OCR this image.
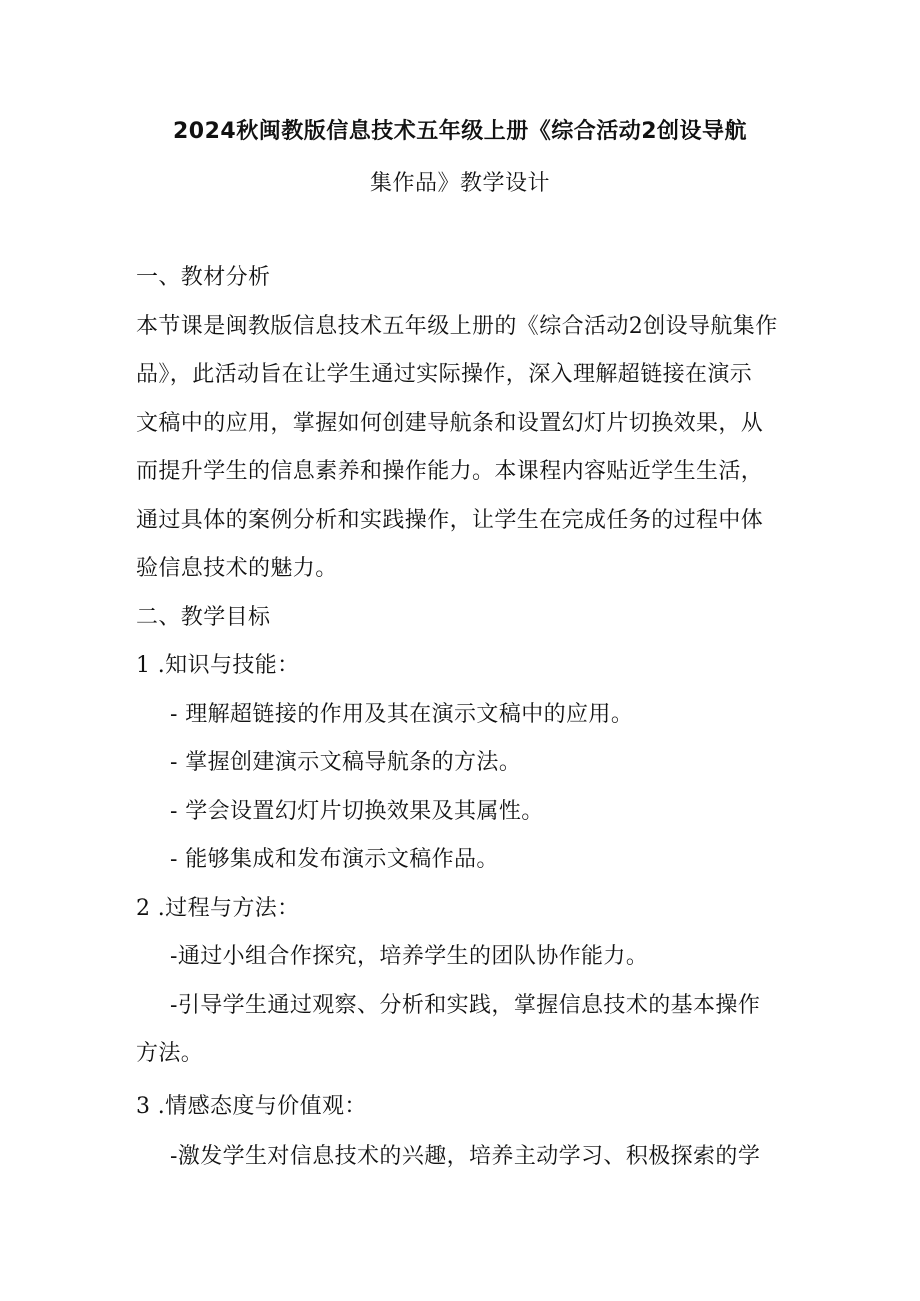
2024秋闽教版信息技术五年级上册《综合活动2创设导航
集作品》教学设计
一、教材分析
本节课是闽教版信息技术五年级上册的《综合活动2创设导航集作
品》，此活动旨在让学生通过实际操作，深入理解超链接在演示
文稿中的应用，掌握如何创建导航条和设置幻灯片切换效果，从
而提升学生的信息素养和操作能力。本课程内容贴近学生生活，
通过具体的案例分析和实践操作，让学生在完成任务的过程中体
验信息技术的魅力。
二、教学目标
1 .知识与技能：
- 理解超链接的作用及其在演示文稿中的应用。
- 掌握创建演示文稿导航条的方法。
- 学会设置幻灯片切换效果及其属性。
- 能够集成和发布演示文稿作品。
2 .过程与方法：
-通过小组合作探究，培养学生的团队协作能力。
-引导学生通过观察、分析和实践，掌握信息技术的基本操作
方法。
3 .情感态度与价值观：
-激发学生对信息技术的兴趣，培养主动学习、积极探索的学
